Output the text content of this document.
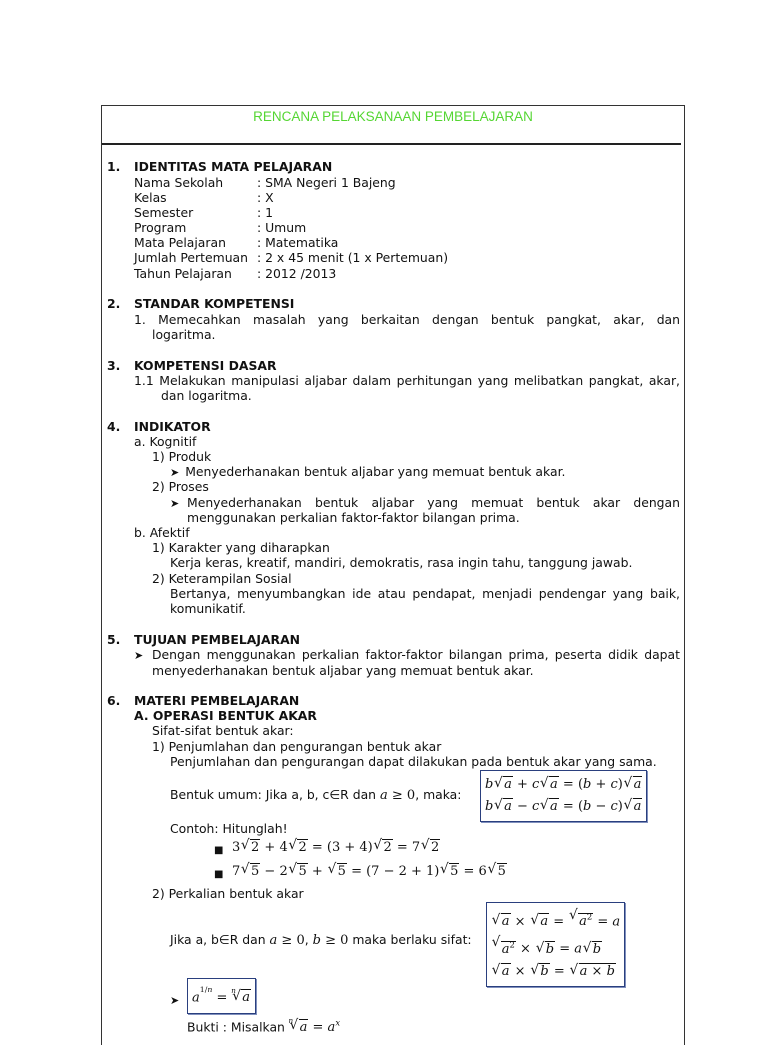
RENCANA PELAKSANAAN PEMBELAJARAN
1. IDENTITAS MATA PELAJARAN
Nama Sekolah	: SMA Negeri 1 Bajeng
Kelas	: X
Semester	: 1
Program	: Umum
Mata Pelajaran	: Matematika
Jumlah Pertemuan : 2 x 45 menit (1 x Pertemuan)
Tahun Pelajaran : 2012 /2013
2. STANDAR KOMPETENSI
1. Memecahkan masalah yang berkaitan dengan bentuk pangkat, akar, dan
logaritma.
3. KOMPETENSI DASAR
1.1 Melakukan manipulasi aljabar dalam perhitungan yang melibatkan pangkat, akar,
dan logaritma.
4. INDIKATOR
a. Kognitif
1) Produk
➤ Menyederhanakan bentuk aljabar yang memuat bentuk akar.
2) Proses
➤ Menyederhanakan bentuk aljabar yang memuat bentuk akar dengan
menggunakan perkalian faktor-faktor bilangan prima.
b. Afektif
1) Karakter yang diharapkan
Kerja keras, kreatif, mandiri, demokratis, rasa ingin tahu, tanggung jawab.
2) Keterampilan Sosial
Bertanya, menyumbangkan ide atau pendapat, menjadi pendengar yang baik,
komunikatif.
5. TUJUAN PEMBELAJARAN
➤ Dengan menggunakan perkalian faktor-faktor bilangan prima, peserta didik dapat
menyederhanakan bentuk aljabar yang memuat bentuk akar.
6. MATERI PEMBELAJARAN
A. OPERASI BENTUK AKAR
Sifat-sifat bentuk akar:
1) Penjumlahan dan pengurangan bentuk akar
Penjumlahan dan pengurangan dapat dilakukan pada bentuk akar yang sama.
Bentuk umum: Jika a, b, c∈R dan a ≥ 0, maka:
b √ a + c √ a = (b + c) √ a
b √ a − c √ a = (b − c) √ a
Contoh: Hitunglah!
■ 3 √ 2 + 4 √ 2 = (3 + 4) √ 2 = 7 √ 2
■ 7 √ 5 − 2 √ 5 + √ 5 = (7 − 2 + 1) √ 5 = 6 √ 5
2) Perkalian bentuk akar
Jika a, b∈R dan a ≥ 0, b ≥ 0 maka berlaku sifat:
√ a × √ a = √ $a^2 = a$
√ $a^2$ × √ b = a √ b
√ a × √ b = √ a × b
➤ $a^{1/n}$ = √ n a
Bukti : Misalkan √ n $a = a^x$
